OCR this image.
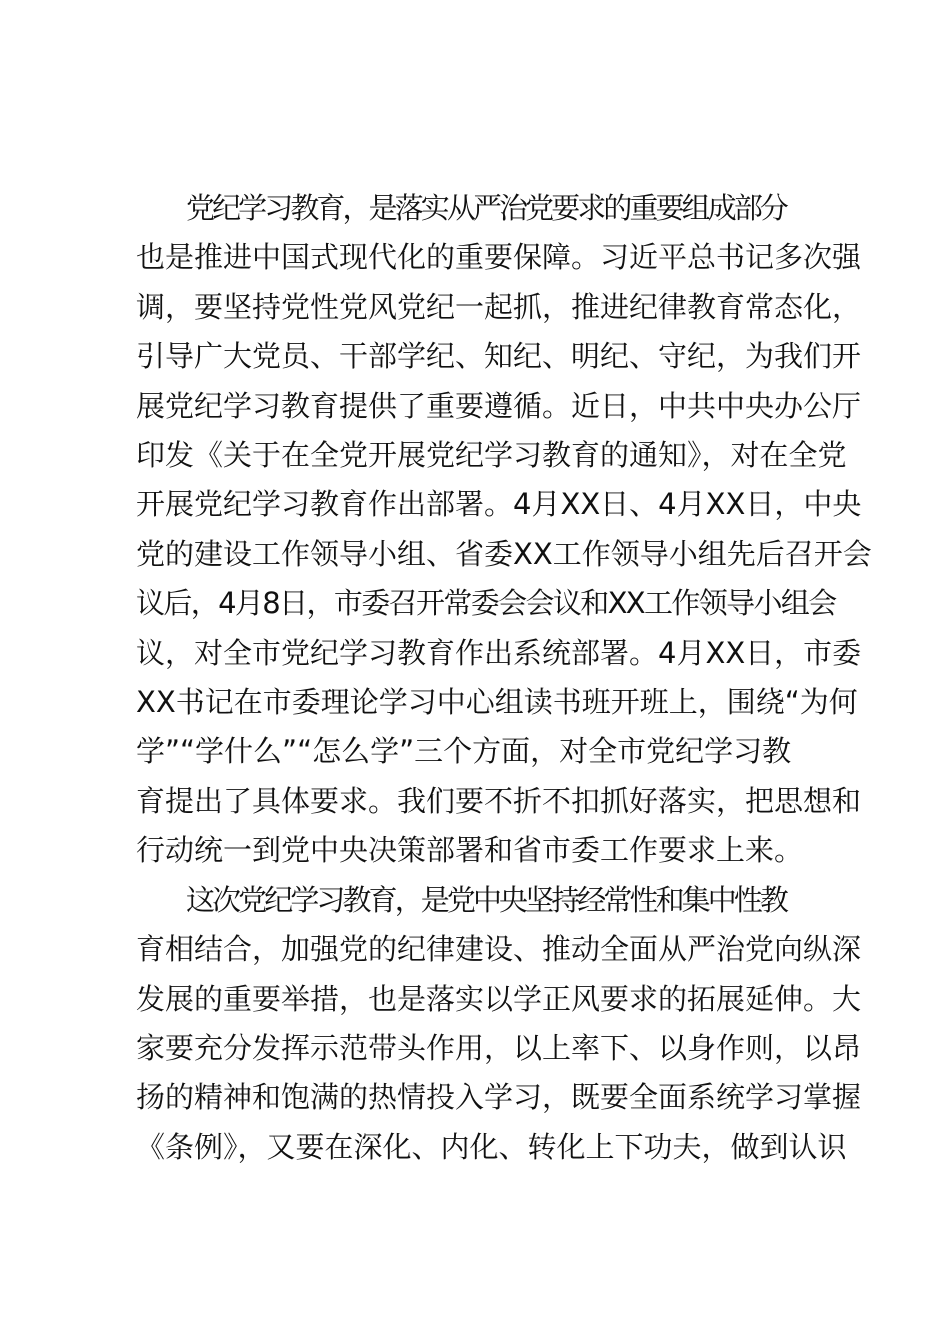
党纪学习教育，是落实从严治党要求的重要组成部分
也是推进中国式现代化的重要保障。习近平总书记多次强
调，要坚持党性党风党纪一起抓，推进纪律教育常态化，
引导广大党员、干部学纪、知纪、明纪、守纪，为我们开
展党纪学习教育提供了重要遵循。近日，中共中央办公厅
印发《关于在全党开展党纪学习教育的通知》，对在全党
开展党纪学习教育作出部署。4月XX日、4月XX日，中央
党的建设工作领导小组、省委XX工作领导小组先后召开会
议后，4月8日，市委召开常委会会议和XX工作领导小组会
议，对全市党纪学习教育作出系统部署。4月XX日，市委
XX书记在市委理论学习中心组读书班开班上，围绕“为何
学”“学什么”“怎么学”三个方面，对全市党纪学习教
育提出了具体要求。我们要不折不扣抓好落实，把思想和
行动统一到党中央决策部署和省市委工作要求上来。
这次党纪学习教育，是党中央坚持经常性和集中性教
育相结合，加强党的纪律建设、推动全面从严治党向纵深
发展的重要举措，也是落实以学正风要求的拓展延伸。大
家要充分发挥示范带头作用，以上率下、以身作则，以昂
扬的精神和饱满的热情投入学习，既要全面系统学习掌握
《条例》，又要在深化、内化、转化上下功夫，做到认识
